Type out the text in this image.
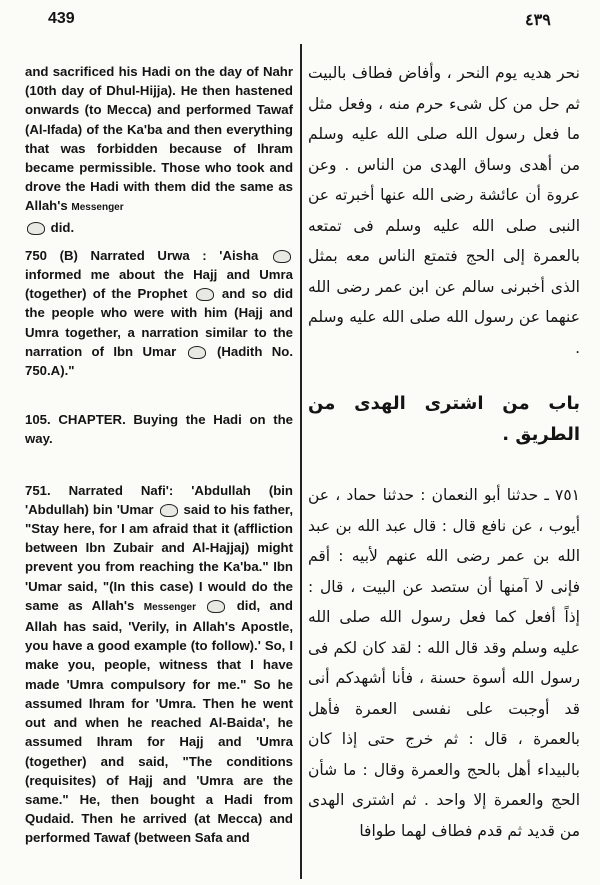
439	٤٣٩

and sacrificed his Hadi on the day of Nahr (10th day of Dhul-Hijja). He then hastened onwards (to Mecca) and performed Tawaf (Al-Ifada) of the Ka'ba and then everything that was forbidden because of Ihram became permissible. Those who took and drove the Hadi with them did the same as Allah's Messenger
did.

750 (B) Narrated Urwa : 'Aisha  informed me about the Hajj and Umra (together) of the Prophet	and so did the people who were with him (Hajj and Umra together, a narration similar to the narration of Ibn Umar	(Hadith No. 750.A)."

105. CHAPTER. Buying the Hadi on the way.

751. Narrated Nafi': 'Abdullah (bin 'Abdullah) bin 'Umar said to his father, "Stay here, for I am afraid that it (affliction between Ibn Zubair and Al-Hajjaj) might prevent you from reaching the Ka'ba." Ibn 'Umar said, "(In this case) I would do the same as Allah's Messenger	did, and Allah has said, 'Verily, in Allah's Apostle, you have a good example (to follow).' So, I make you, people, witness that I have made 'Umra compulsory for me." So he assumed Ihram for 'Umra. Then he went out and when he reached Al-Baida', he assumed Ihram for Hajj and 'Umra (together) and said, "The conditions (requisites) of Hajj and 'Umra are the same." He, then bought a Hadi from Qudaid. Then he arrived (at Mecca) and performed Tawaf (between Safa and

نحر هديه يوم النحر ، وأفاض فطاف بالبيت ثم حل من كل شىء حرم منه ، وفعل مثل ما فعل رسول الله صلى الله عليه وسلم من أهدى وساق الهدى من الناس . وعن عروة أن عائشة رضى الله عنها أخبرته عن النبى صلى الله عليه وسلم فى تمتعه بالعمرة إلى الحج فتمتع الناس معه بمثل الذى أخبرنى سالم عن ابن عمر رضى الله عنهما عن رسول الله صلى الله عليه وسلم .

باب من اشترى الهدى من الطريق .

٧٥١ ـ حدثنا أبو النعمان : حدثنا حماد ، عن أيوب ، عن نافع قال : قال عبد الله بن عبد الله بن عمر رضى الله عنهم لأبيه : أقم فإنى لا آمنها أن ستصد عن البيت ، قال : إذاً أفعل كما فعل رسول الله صلى الله عليه وسلم وقد قال الله : لقد كان لكم فى رسول الله أسوة حسنة ، فأنا أشهدكم أنى قد أوجبت على نفسى العمرة فأهل بالعمرة ، قال : ثم خرج حتى إذا كان بالبيداء أهل بالحج والعمرة وقال : ما شأن الحج والعمرة إلا واحد . ثم اشترى الهدى من قديد ثم قدم فطاف لهما طوافا
